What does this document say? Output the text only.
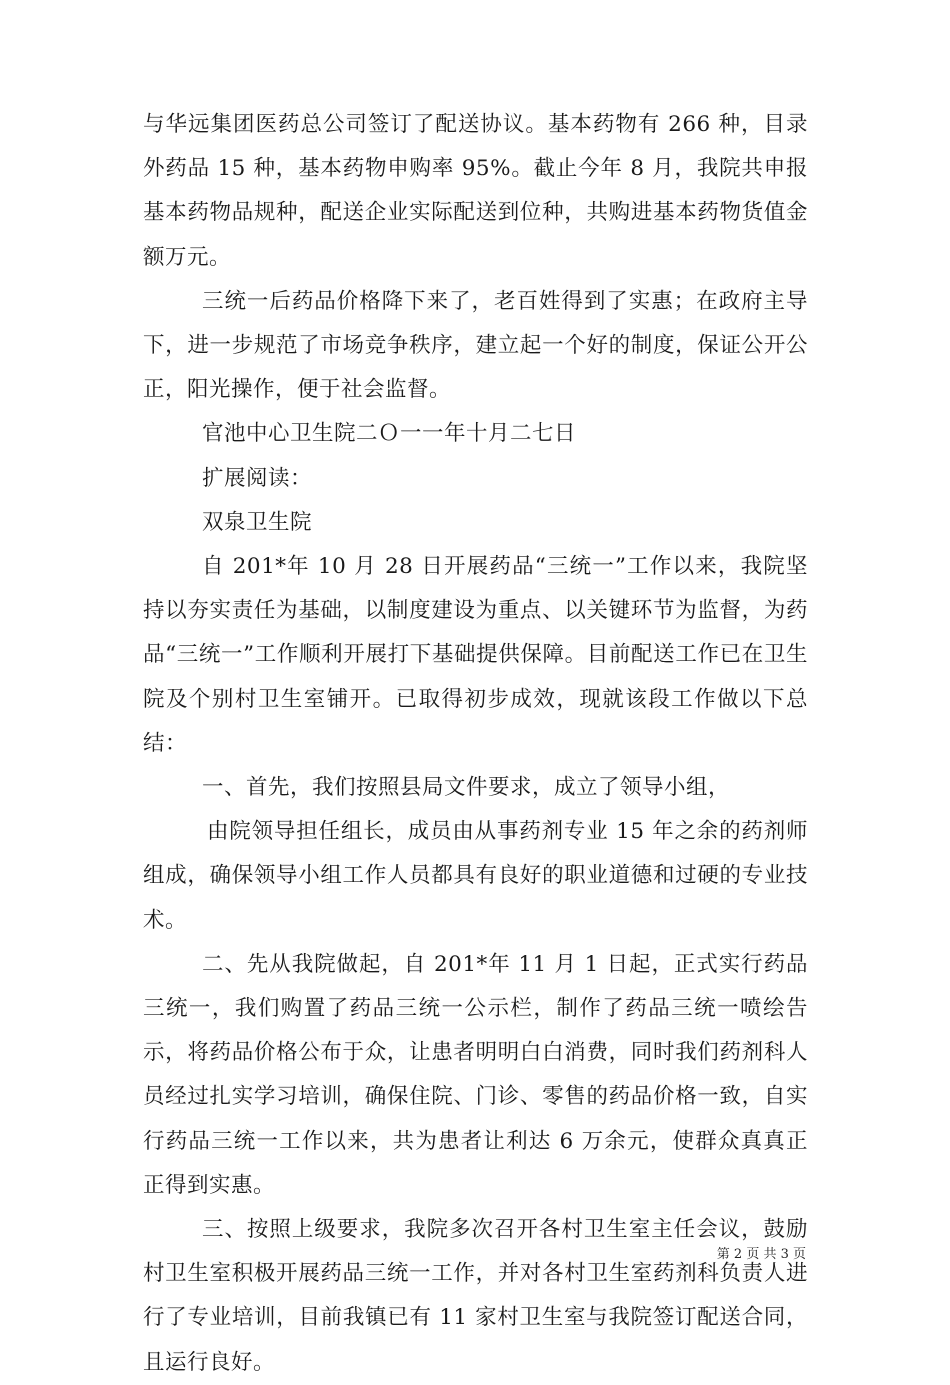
与华远集团医药总公司签订了配送协议。基本药物有 266 种，目录外药品 15 种，基本药物申购率 95%。截止今年 8 月，我院共申报基本药物品规种，配送企业实际配送到位种，共购进基本药物货值金额万元。

三统一后药品价格降下来了，老百姓得到了实惠；在政府主导下，进一步规范了市场竞争秩序，建立起一个好的制度，保证公开公正，阳光操作，便于社会监督。

官池中心卫生院二Ｏ一一年十月二七日

扩展阅读：

双泉卫生院

自 201*年 10 月 28 日开展药品“三统一”工作以来，我院坚持以夯实责任为基础，以制度建设为重点、以关键环节为监督，为药品“三统一”工作顺利开展打下基础提供保障。目前配送工作已在卫生院及个别村卫生室铺开。已取得初步成效，现就该段工作做以下总结：

一、首先，我们按照县局文件要求，成立了领导小组，

由院领导担任组长，成员由从事药剂专业 15 年之余的药剂师组成，确保领导小组工作人员都具有良好的职业道德和过硬的专业技术。

二、先从我院做起，自 201*年 11 月 1 日起，正式实行药品三统一，我们购置了药品三统一公示栏，制作了药品三统一喷绘告示，将药品价格公布于众，让患者明明白白消费，同时我们药剂科人员经过扎实学习培训，确保住院、门诊、零售的药品价格一致，自实行药品三统一工作以来，共为患者让利达 6 万余元，使群众真真正正得到实惠。

三、按照上级要求，我院多次召开各村卫生室主任会议，鼓励村卫生室积极开展药品三统一工作，并对各村卫生室药剂科负责人进行了专业培训，目前我镇已有 11 家村卫生室与我院签订配送合同，且运行良好。

第 2 页 共 3 页
